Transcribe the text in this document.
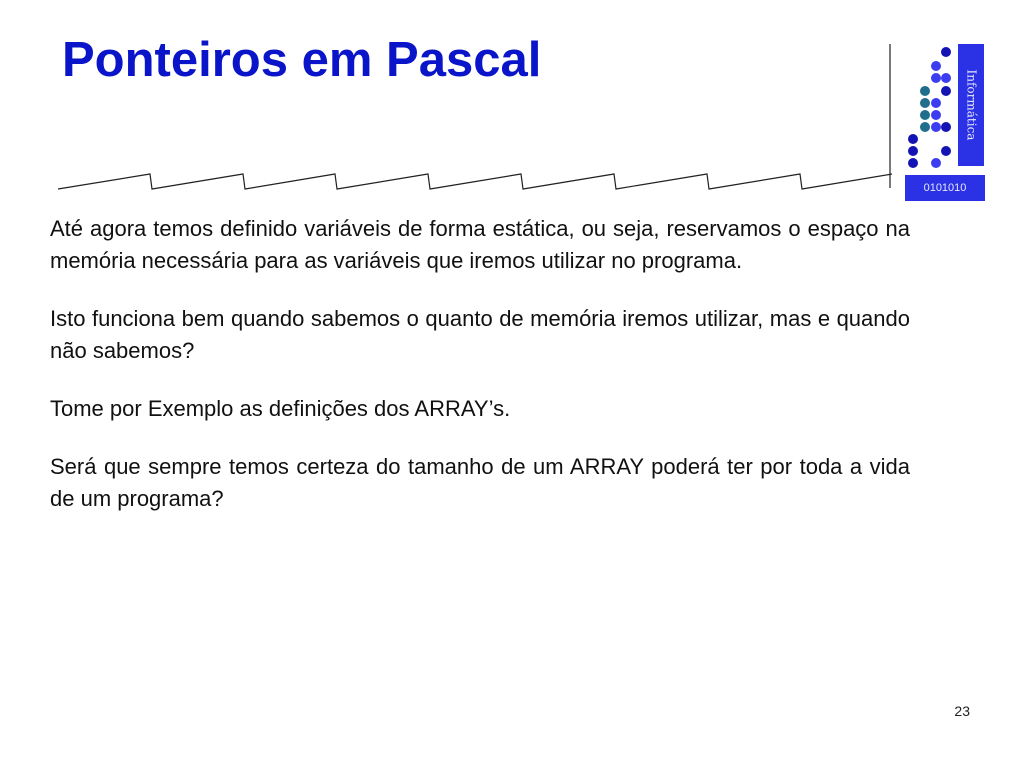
Ponteiros em Pascal
Informática
0101010

Até agora temos definido variáveis de forma estática, ou seja, reservamos o espaço na memória necessária para as variáveis que iremos utilizar no programa.

Isto funciona bem quando sabemos o quanto de memória iremos utilizar, mas e quando não sabemos?

Tome por Exemplo as definições dos ARRAY’s.

Será que sempre temos certeza do tamanho de um ARRAY poderá ter por toda a vida de um programa?

23
